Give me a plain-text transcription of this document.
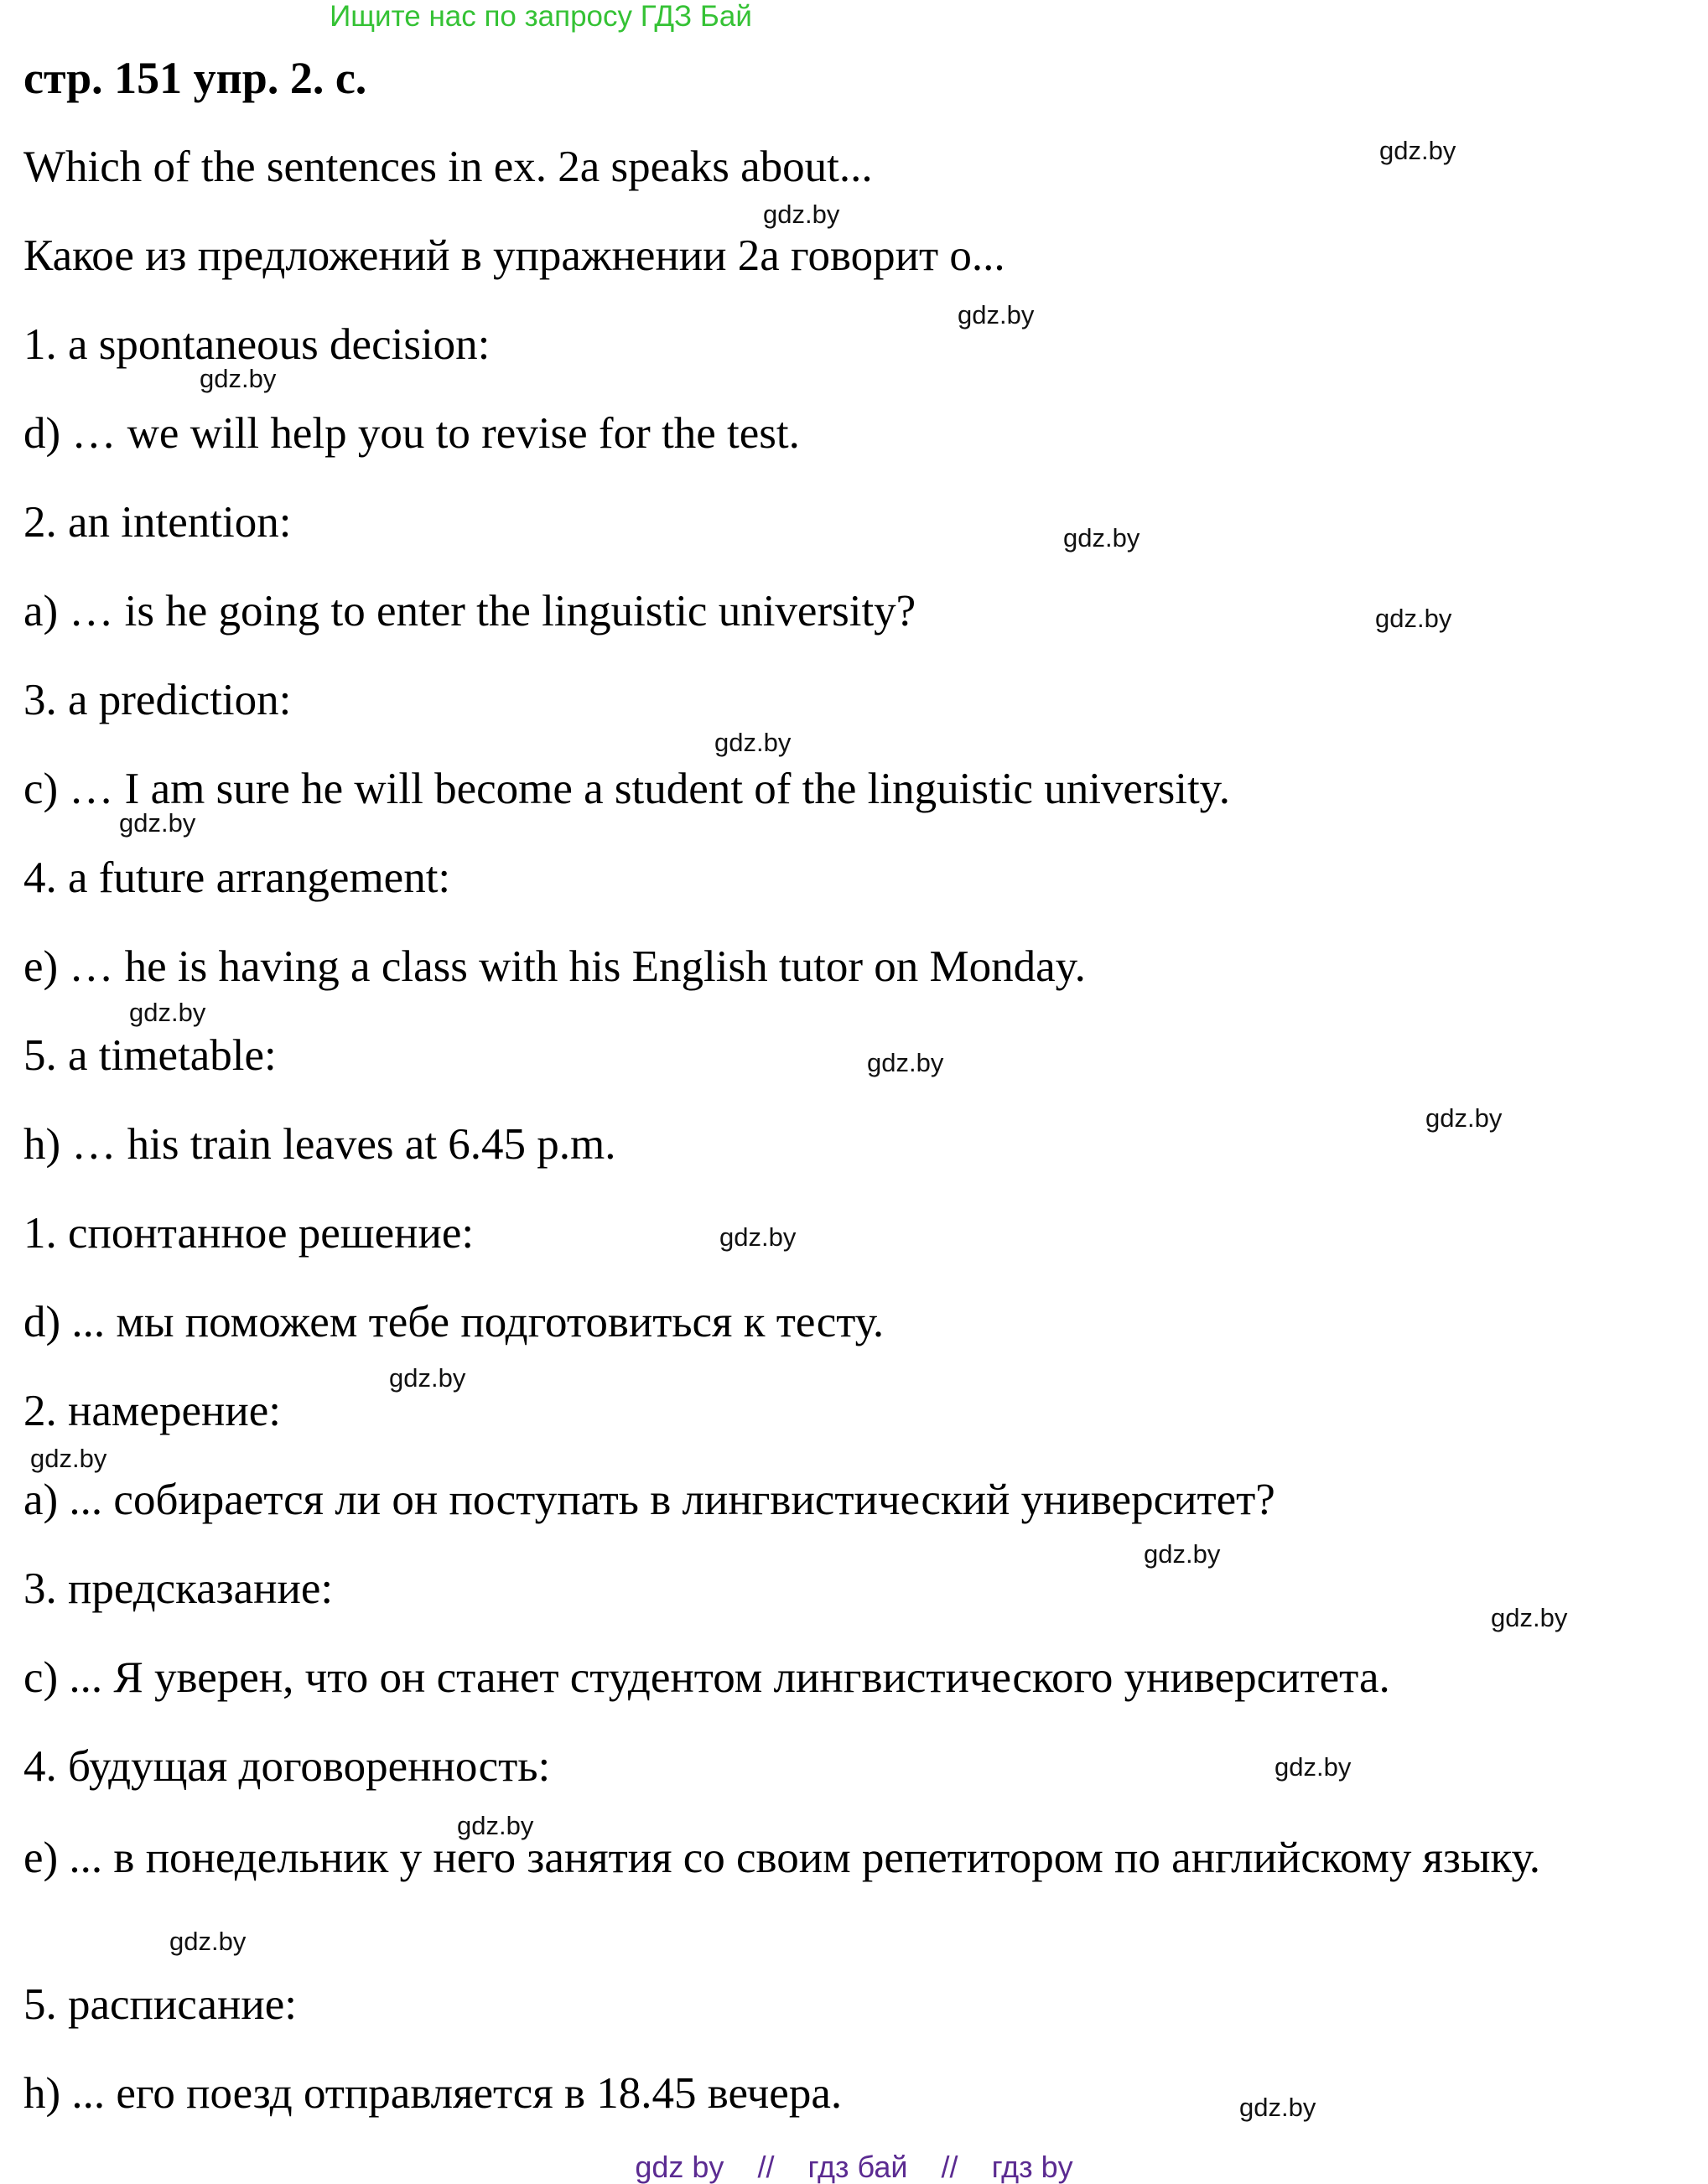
Ищите нас по запросу ГДЗ Бай
стр. 151 упр. 2. с.
Which of the sentences in ex. 2a speaks about...
Какое из предложений в упражнении 2a говорит о...
1. a spontaneous decision:
d) … we will help you to revise for the test.
2. an intention:
a) … is he going to enter the linguistic university?
3. a prediction:
c) … I am sure he will become a student of the linguistic university.
4. a future arrangement:
e) … he is having a class with his English tutor on Monday.
5. a timetable:
h) … his train leaves at 6.45 p.m.
1. спонтанное решение:
d) ... мы поможем тебе подготовиться к тесту.
2. намерение:
a) ... собирается ли он поступать в лингвистический университет?
3. предсказание:
c) ... Я уверен, что он станет студентом лингвистического университета.
4. будущая договоренность:
e) ... в понедельник у него занятия со своим репетитором по английскому языку.
5. расписание:
h) ... его поезд отправляется в 18.45 вечера.
gdz.by
gdz.by
gdz.by
gdz.by
gdz.by
gdz.by
gdz.by
gdz.by
gdz.by
gdz.by
gdz.by
gdz.by
gdz.by
gdz.by
gdz.by
gdz.by
gdz.by
gdz.by
gdz.by
gdz.by
gdz by // гдз бай // гдз by
